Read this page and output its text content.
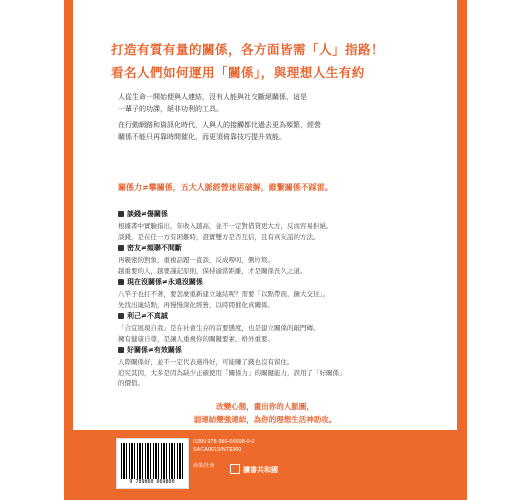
打造有質有量的關係，各方面皆需「人」指路！
看名人們如何運用「關係」，與理想人生有約
人從生命一開始便與人連結，沒有人能與社交斷絕關係，這是
一輩子的功課，絕非功利的工具。
在行動網路和資訊化時代，人與人的接觸都比過去更為頻繁，經營
關係不能只再靠時間催化，而更須倚靠技巧提升效能。
關係力≠攀關係，五大人脈經營迷思破解，維繫關係不踩雷。
談錢≠傷關係
根據書中實驗指出，年收入越高，並不一定對借貸更大方，反而容易拒絕。
談錢，是在任一方有困難時，證實雙方是否互信，且有真友誼的方法。
密友≠頻聯不間斷
再親密的對象，重複話題一直談，反成嘮叨，側垃圾。
越重要的人，越要謹記原則，保持適當距離，才是關係長久之道。
現在沒關係≠永遠沒關係
八竿子也打不著，要怎麼重新建立連結呢？需要「以點帶面，擴大交往」。
先找出連結點，再慢慢深化經營，以時間催化真關係。
利己≠不真誠
「合宜展現自我」是在社會生存的首要態度，也是建立關係的敲門磚。
擁有健康自尊，是讓人重視你的關鍵要素，格外重要。
好關係≠有效關係
人際關係好，並不一定代表過得好，可能賺了錢也沒有留住。
追究其因，大多是因為缺少正確使用「關係力」的關鍵能力，誤用了「好關係」
的價值。
改變心態，畫出你的人脈圖，
弱連結變強連結，為你的理想生活神助攻。
9 789860 669800
ISBN 978-986-06698-0-0
SACA0019/NT$360
商業/社會	讀書共和國
